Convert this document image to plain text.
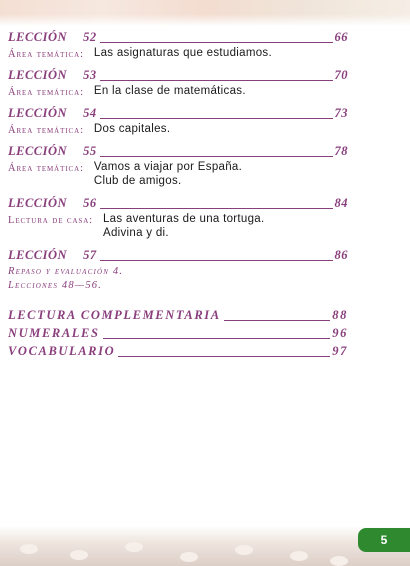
LECCIÓN 52	66
Área temática: Las asignaturas que estudiamos.
LECCIÓN 53	70
Área temática: En la clase de matemáticas.
LECCIÓN 54	73
Área temática: Dos capitales.
LECCIÓN 55	78
Área temática: Vamos a viajar por España.
Club de amigos.
LECCIÓN 56	84
Lectura de casa: Las aventuras de una tortuga.
Adivina y di.
LECCIÓN 57	86
Repaso y evaluación 4.
Lecciones 48—56.
LECTURA COMPLEMENTARIA	88
NUMERALES	96
VOCABULARIO	97
5
